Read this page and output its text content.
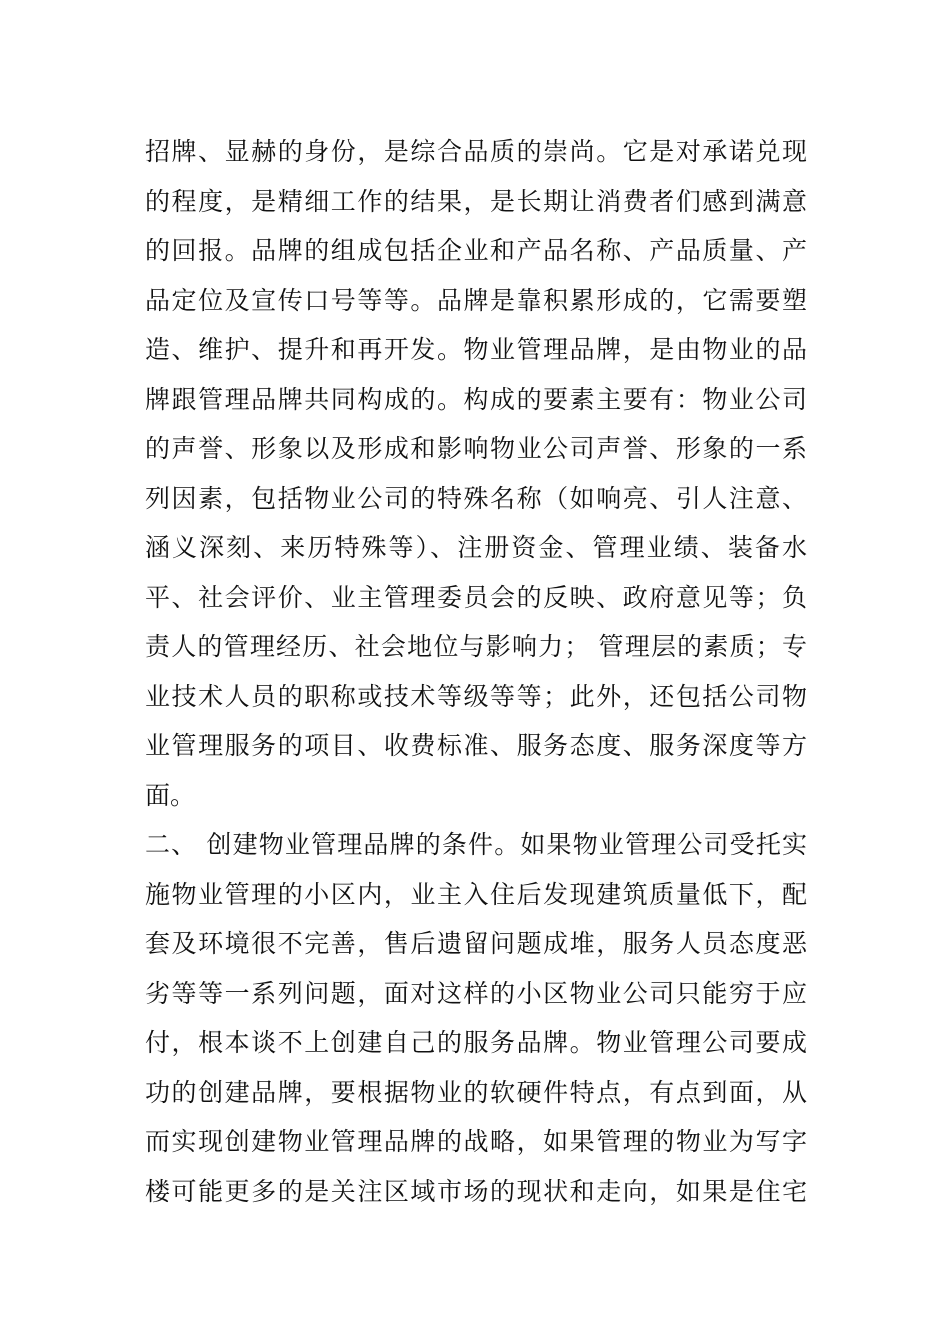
招牌、显赫的身份，是综合品质的崇尚。它是对承诺兑现
的程度，是精细工作的结果，是长期让消费者们感到满意
的回报。品牌的组成包括企业和产品名称、产品质量、产
品定位及宣传口号等等。品牌是靠积累形成的，它需要塑
造、维护、提升和再开发。物业管理品牌，是由物业的品
牌跟管理品牌共同构成的。构成的要素主要有：物业公司
的声誉、形象以及形成和影响物业公司声誉、形象的一系
列因素，包括物业公司的特殊名称（如响亮、引人注意、
涵义深刻、来历特殊等）、注册资金、管理业绩、装备水
平、社会评价、业主管理委员会的反映、政府意见等；负
责人的管理经历、社会地位与影响力； 管理层的素质；专
业技术人员的职称或技术等级等等；此外，还包括公司物
业管理服务的项目、收费标准、服务态度、服务深度等方
面。
二、 创建物业管理品牌的条件。如果物业管理公司受托实
施物业管理的小区内，业主入住后发现建筑质量低下，配
套及环境很不完善，售后遗留问题成堆，服务人员态度恶
劣等等一系列问题，面对这样的小区物业公司只能穷于应
付，根本谈不上创建自己的服务品牌。物业管理公司要成
功的创建品牌，要根据物业的软硬件特点，有点到面，从
而实现创建物业管理品牌的战略，如果管理的物业为写字
楼可能更多的是关注区域市场的现状和走向，如果是住宅
